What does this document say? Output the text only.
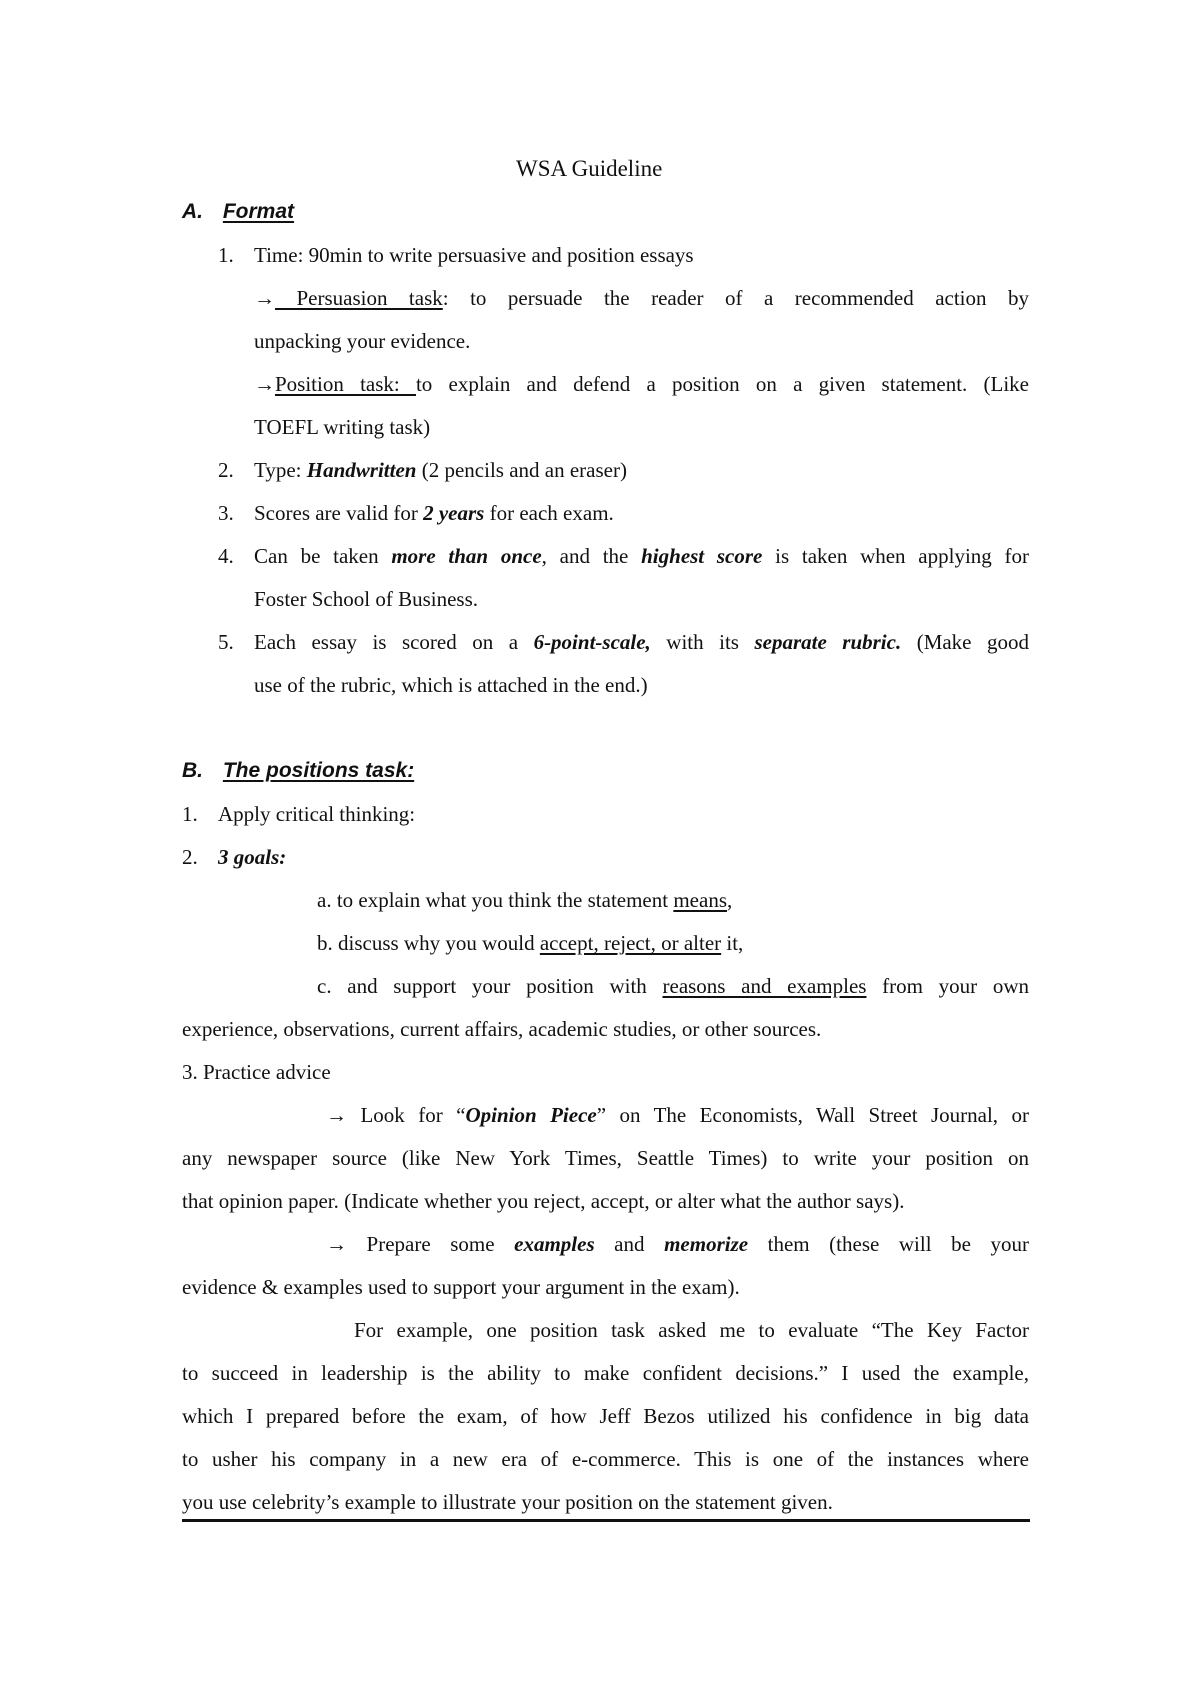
WSA Guideline
A. Format
1. Time: 90min to write persuasive and position essays
→ Persuasion task: to persuade the reader of a recommended action by
unpacking your evidence.
→Position task: to explain and defend a position on a given statement. (Like
TOEFL writing task)
2. Type: Handwritten (2 pencils and an eraser)
3. Scores are valid for 2 years for each exam.
4. Can be taken more than once, and the highest score is taken when applying for
Foster School of Business.
5. Each essay is scored on a 6-point-scale, with its separate rubric. (Make good
use of the rubric, which is attached in the end.)
B. The positions task:
1. Apply critical thinking:
2. 3 goals:
a. to explain what you think the statement means,
b. discuss why you would accept, reject, or alter it,
c. and support your position with reasons and examples from your own
experience, observations, current affairs, academic studies, or other sources.
3. Practice advice
→ Look for “Opinion Piece” on The Economists, Wall Street Journal, or
any newspaper source (like New York Times, Seattle Times) to write your position on
that opinion paper. (Indicate whether you reject, accept, or alter what the author says).
→ Prepare some examples and memorize them (these will be your
evidence & examples used to support your argument in the exam).
For example, one position task asked me to evaluate “The Key Factor
to succeed in leadership is the ability to make confident decisions.” I used the example,
which I prepared before the exam, of how Jeff Bezos utilized his confidence in big data
to usher his company in a new era of e-commerce. This is one of the instances where
you use celebrity’s example to illustrate your position on the statement given.
